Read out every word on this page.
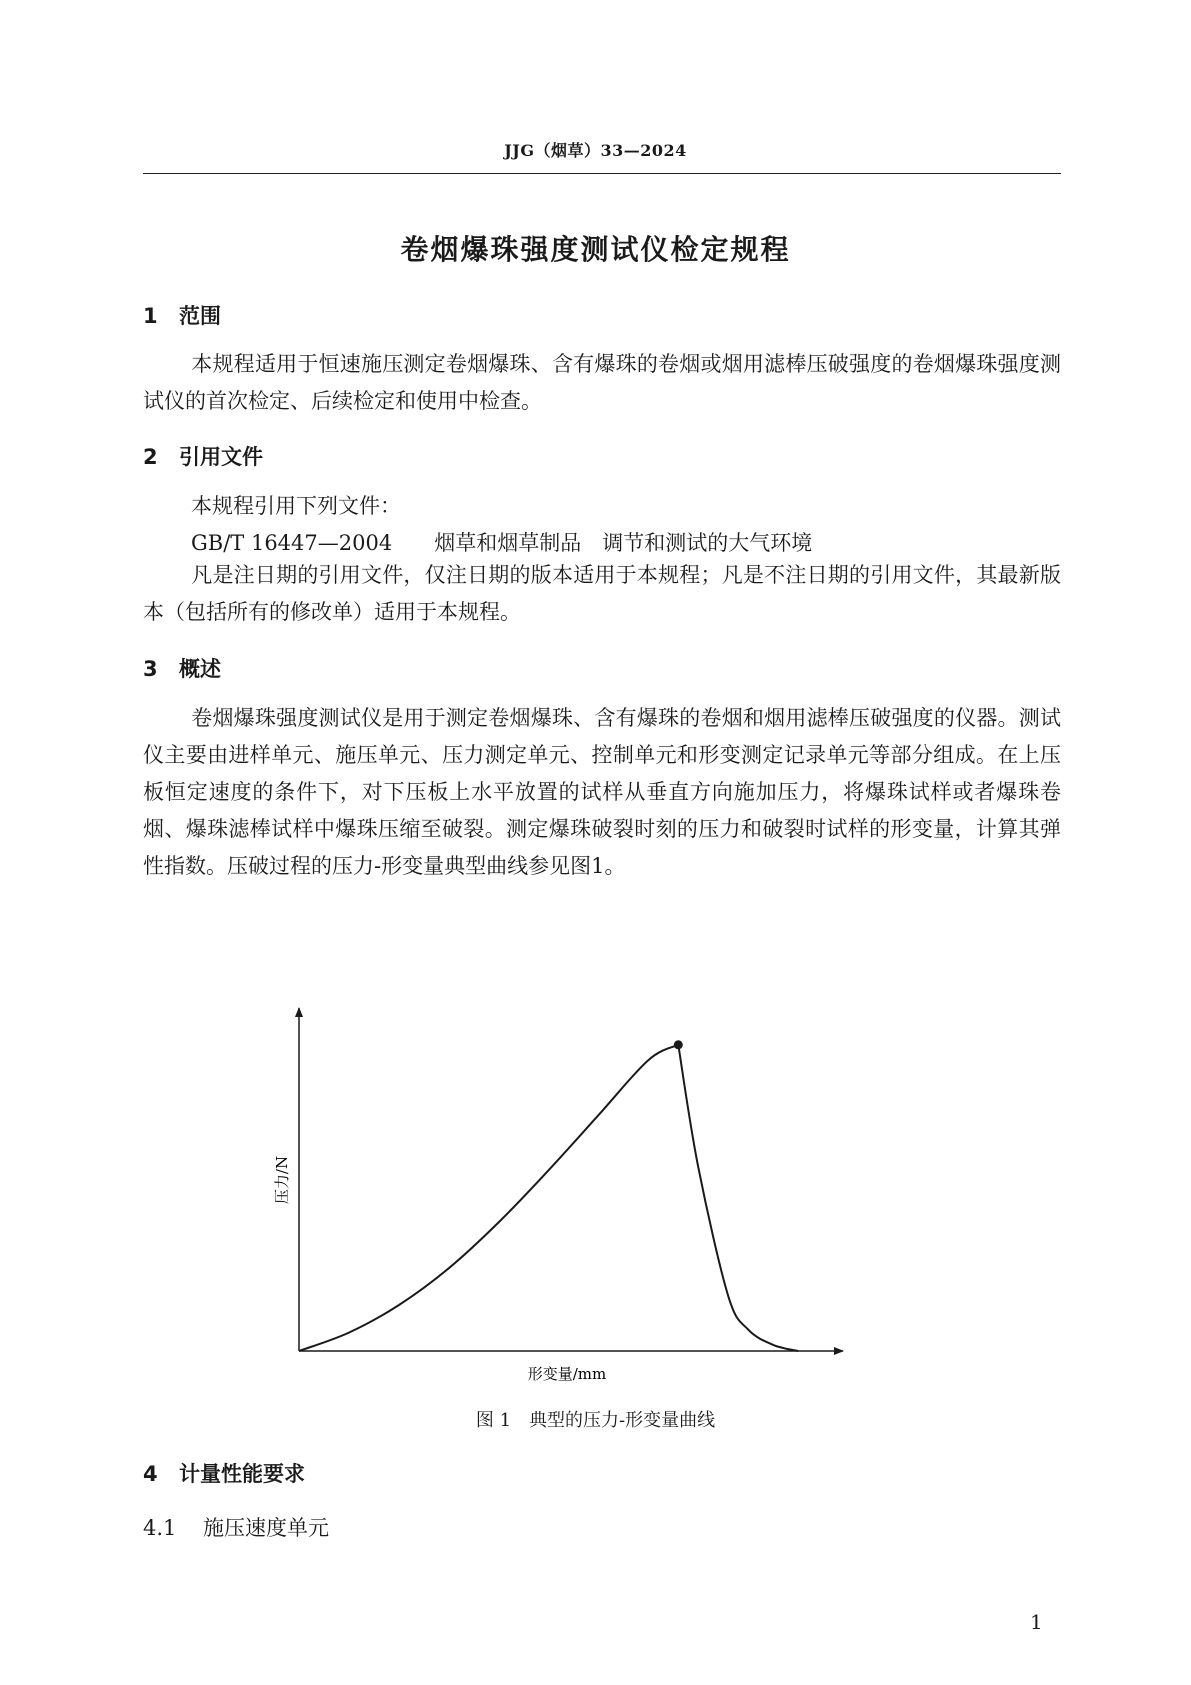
JJG（烟草）33—2024
卷烟爆珠强度测试仪检定规程
1 范围
本规程适用于恒速施压测定卷烟爆珠、含有爆珠的卷烟或烟用滤棒压破强度的卷烟爆珠强度测试仪的首次检定、后续检定和使用中检查。
2 引用文件
本规程引用下列文件：
GB/T 16447—2004　　 烟草和烟草制品　调节和测试的大气环境
凡是注日期的引用文件，仅注日期的版本适用于本规程；凡是不注日期的引用文件，其最新版本（包括所有的修改单）适用于本规程。
3 概述
卷烟爆珠强度测试仪是用于测定卷烟爆珠、含有爆珠的卷烟和烟用滤棒压破强度的仪器。测试仪主要由进样单元、施压单元、压力测定单元、控制单元和形变测定记录单元等部分组成。在上压板恒定速度的条件下，对下压板上水平放置的试样从垂直方向施加压力，将爆珠试样或者爆珠卷烟、爆珠滤棒试样中爆珠压缩至破裂。测定爆珠破裂时刻的压力和破裂时试样的形变量，计算其弹性指数。压破过程的压力-形变量典型曲线参见图1。
形变量/mm
压力/N
图 1　典型的压力-形变量曲线
4 计量性能要求
4.1 施压速度单元
1
